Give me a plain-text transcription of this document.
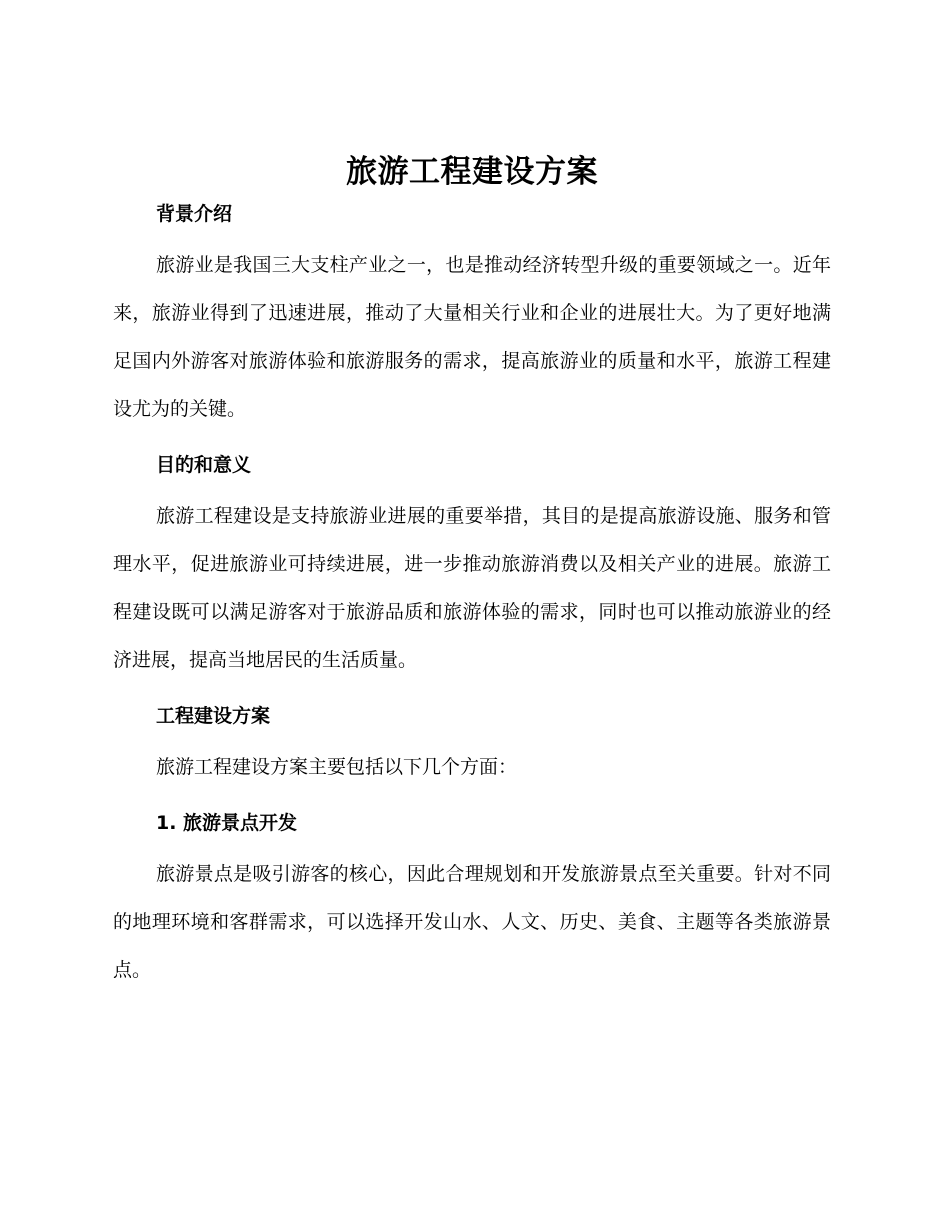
旅游工程建设方案
背景介绍

旅游业是我国三大支柱产业之一，也是推动经济转型升级的重要领域之一。近年来，旅游业得到了迅速进展，推动了大量相关行业和企业的进展壮大。为了更好地满足国内外游客对旅游体验和旅游服务的需求，提高旅游业的质量和水平，旅游工程建设尤为的关键。

目的和意义

旅游工程建设是支持旅游业进展的重要举措，其目的是提高旅游设施、服务和管理水平，促进旅游业可持续进展，进一步推动旅游消费以及相关产业的进展。旅游工程建设既可以满足游客对于旅游品质和旅游体验的需求，同时也可以推动旅游业的经济进展，提高当地居民的生活质量。

工程建设方案

旅游工程建设方案主要包括以下几个方面：

1. 旅游景点开发

旅游景点是吸引游客的核心，因此合理规划和开发旅游景点至关重要。针对不同的地理环境和客群需求，可以选择开发山水、人文、历史、美食、主题等各类旅游景点。
